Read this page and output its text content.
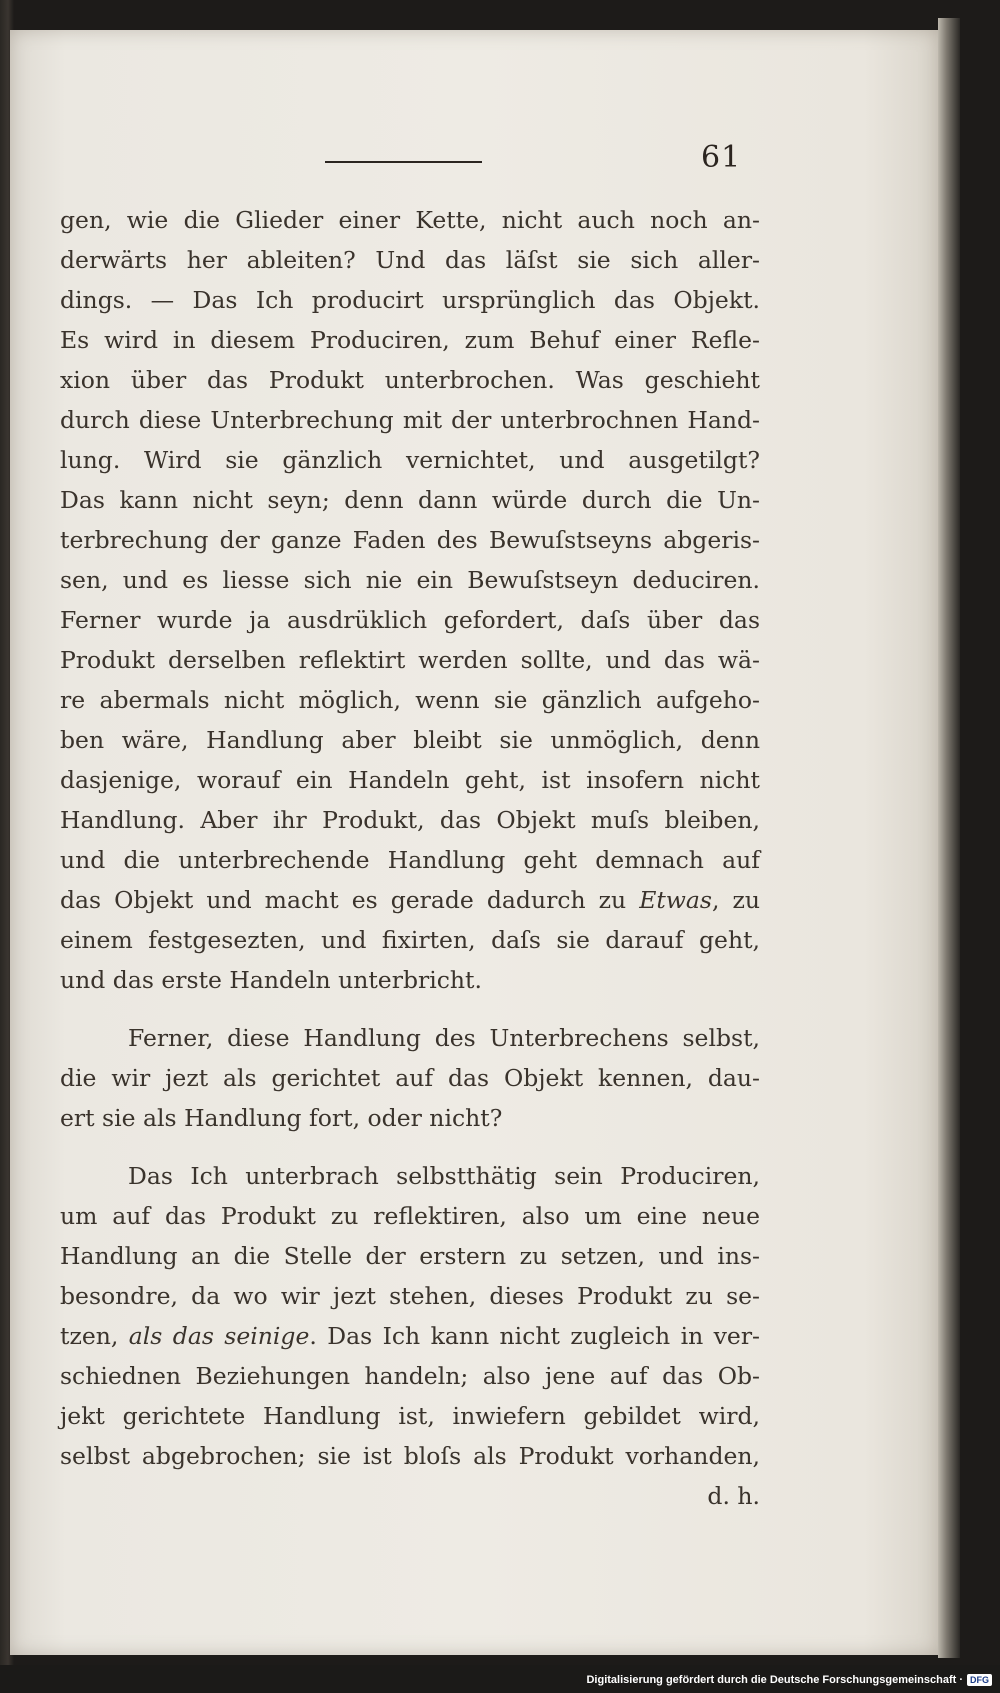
61
gen, wie die Glieder einer Kette, nicht auch noch an-
derwärts her ableiten? Und das läſst sie sich aller-
dings. — Das Ich producirt ursprünglich das Objekt.
Es wird in diesem Produciren, zum Behuf einer Refle-
xion über das Produkt unterbrochen. Was geschieht
durch diese Unterbrechung mit der unterbrochnen Hand-
lung. Wird sie gänzlich vernichtet, und ausgetilgt?
Das kann nicht seyn; denn dann würde durch die Un-
terbrechung der ganze Faden des Bewuſstseyns abgeris-
sen, und es liesse sich nie ein Bewuſstseyn deduciren.
Ferner wurde ja ausdrüklich gefordert, daſs über das
Produkt derselben reflektirt werden sollte, und das wä-
re abermals nicht möglich, wenn sie gänzlich aufgeho-
ben wäre, Handlung aber bleibt sie unmöglich, denn
dasjenige, worauf ein Handeln geht, ist insofern nicht
Handlung. Aber ihr Produkt, das Objekt muſs bleiben,
und die unterbrechende Handlung geht demnach auf
das Objekt und macht es gerade dadurch zu Etwas, zu
einem festgesezten, und fixirten, daſs sie darauf geht,
und das erste Handeln unterbricht.
Ferner, diese Handlung des Unterbrechens selbst,
die wir jezt als gerichtet auf das Objekt kennen, dau-
ert sie als Handlung fort, oder nicht?
Das Ich unterbrach selbstthätig sein Produciren,
um auf das Produkt zu reflektiren, also um eine neue
Handlung an die Stelle der erstern zu setzen, und ins-
besondre, da wo wir jezt stehen, dieses Produkt zu se-
tzen, als das seinige. Das Ich kann nicht zugleich in ver-
schiednen Beziehungen handeln; also jene auf das Ob-
jekt gerichtete Handlung ist, inwiefern gebildet wird,
selbst abgebrochen; sie ist bloſs als Produkt vorhanden,
d. h.
Digitalisierung gefördert durch die Deutsche Forschungsgemeinschaft · DFG
